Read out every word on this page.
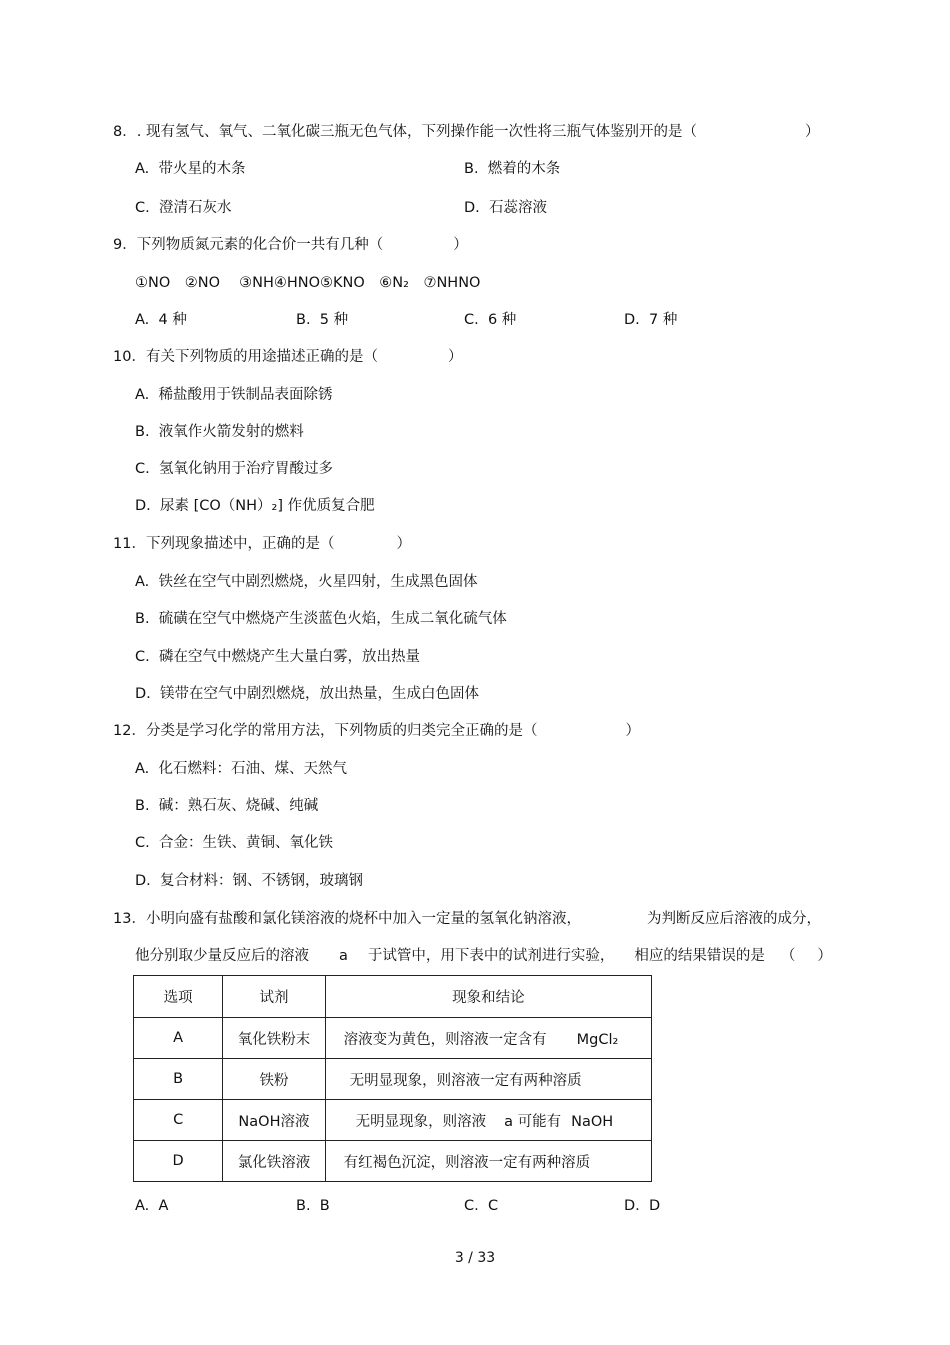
8．. 现有氢气、氧气、二氧化碳三瓶无色气体，下列操作能一次性将三瓶气体鉴别开的是（	）
A. 带火星的木条	B. 燃着的木条
C. 澄清石灰水	D. 石蕊溶液
9．下列物质氮元素的化合价一共有几种（	）
①NO　②NO　 ③NH④HNO⑤KNO　⑥N₂　⑦NHNO
A. 4 种	B. 5 种	C. 6 种	D. 7 种
10．有关下列物质的用途描述正确的是（	）
A. 稀盐酸用于铁制品表面除锈
B. 液氧作火箭发射的燃料
C. 氢氧化钠用于治疗胃酸过多
D. 尿素 [CO（NH）₂] 作优质复合肥
11．下列现象描述中，正确的是（	）
A. 铁丝在空气中剧烈燃烧，火星四射，生成黑色固体
B. 硫磺在空气中燃烧产生淡蓝色火焰，生成二氧化硫气体
C. 磷在空气中燃烧产生大量白雾，放出热量
D. 镁带在空气中剧烈燃烧，放出热量，生成白色固体
12．分类是学习化学的常用方法，下列物质的归类完全正确的是（	）
A. 化石燃料：石油、煤、天然气
B. 碱：熟石灰、烧碱、纯碱
C. 合金：生铁、黄铜、氧化铁
D. 复合材料：钢、不锈钢，玻璃钢
13．小明向盛有盐酸和氯化镁溶液的烧杯中加入一定量的氢氧化钠溶液，	为判断反应后溶液的成分，
他分别取少量反应后的溶液 a 于试管中，用下表中的试剂进行实验， 相应的结果错误的是 （ ）
选项	试剂	现象和结论
A	氧化铁粉末	溶液变为黄色，则溶液一定含有 MgCl₂
B	铁粉	无明显现象，则溶液一定有两种溶质
C	NaOH溶液	无明显现象，则溶液 a 可能有 NaOH
D	氯化铁溶液	有红褐色沉淀，则溶液一定有两种溶质
A. A	B. B	C. C	D. D
3 / 33
